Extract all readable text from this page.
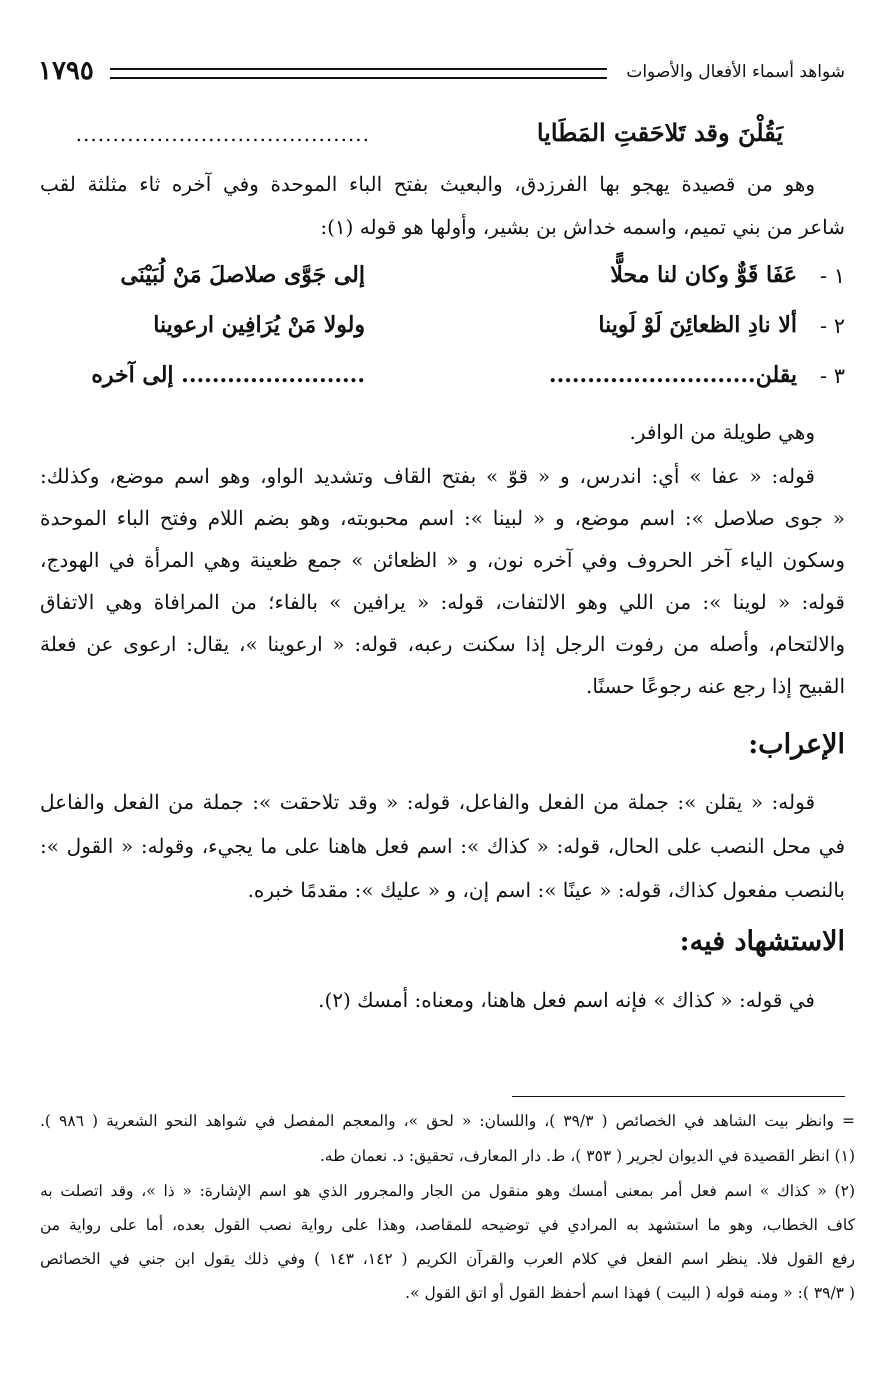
شواهد أسماء الأفعال والأصوات
١٧٩٥
يَقُلْنَ وقد تَلاحَقتِ المَطَايا
........................................
وهو من قصيدة يهجو بها الفرزدق، والبعيث بفتح الباء الموحدة وفي آخره ثاء مثلثة لقب
شاعر من بني تميم، واسمه خداش بن بشير، وأولها هو قوله (١):
١ -
عَفَا قَوٌّ وكان لنا محلًّا
إلى جَوَّى صلاصلَ مَنْ لُبَيْنَى
٢ -
ألا نادِ الظعائِنَ لَوْ لَوينا
ولولا مَنْ يُرَافِين ارعوينا
٣ -
يقلن...........................
........................ إلى آخره
وهي طويلة من الوافر.
قوله: « عفا » أي: اندرس، و « قوّ » بفتح القاف وتشديد الواو، وهو اسم موضع، وكذلك:
« جوى صلاصل »: اسم موضع، و « لبينا »: اسم محبوبته، وهو بضم اللام وفتح الباء الموحدة
وسكون الياء آخر الحروف وفي آخره نون، و « الظعائن » جمع ظعينة وهي المرأة في الهودج،
قوله: « لوينا »: من اللي وهو الالتفات، قوله: « يرافين » بالفاء؛ من المرافاة وهي الاتفاق
والالتحام، وأصله من رفوت الرجل إذا سكنت رعبه، قوله: « ارعوينا »، يقال: ارعوى عن فعلة
القبيح إذا رجع عنه رجوعًا حسنًا.
الإعراب:
قوله: « يقلن »: جملة من الفعل والفاعل، قوله: « وقد تلاحقت »: جملة من الفعل والفاعل
في محل النصب على الحال، قوله: « كذاك »: اسم فعل هاهنا على ما يجيء، وقوله: « القول »:
بالنصب مفعول كذاك، قوله: « عينًا »: اسم إن، و « عليك »: مقدمًا خبره.
الاستشهاد فيه:
في قوله: « كذاك » فإنه اسم فعل هاهنا، ومعناه: أمسك (٢).
= وانظر بيت الشاهد في الخصائص ( ٣٩/٣ )، واللسان: « لحق »، والمعجم المفصل في شواهد النحو الشعرية ( ٩٨٦ ).
(١) انظر القصيدة في الديوان لجرير ( ٣٥٣ )، ط. دار المعارف، تحقيق: د. نعمان طه.
(٢) « كذاك » اسم فعل أمر بمعنى أمسك وهو منقول من الجار والمجرور الذي هو اسم الإشارة: « ذا »، وقد اتصلت به
كاف الخطاب، وهو ما استشهد به المرادي في توضيحه للمقاصد، وهذا على رواية نصب القول بعده، أما على رواية من
رفع القول فلا. ينظر اسم الفعل في كلام العرب والقرآن الكريم ( ١٤٢، ١٤٣ ) وفي ذلك يقول ابن جني في الخصائص
( ٣٩/٣ ): « ومنه قوله ( البيت ) فهذا اسم أحفظ القول أو اتق القول ».
